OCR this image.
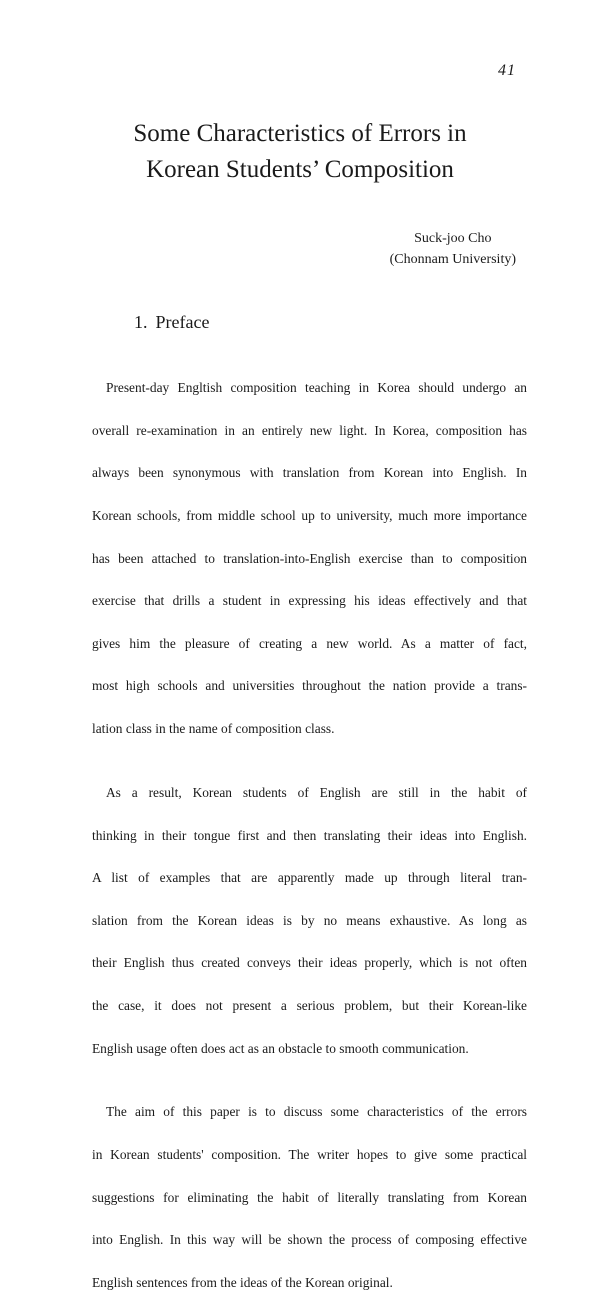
41
Some Characteristics of Errors in
Korean Students’ Composition
Suck-joo Cho
(Chonnam University)
1. Preface

Present-day Engltish composition teaching in Korea should undergo an

overall re-examination in an entirely new light. In Korea, composition has

always been synonymous with translation from Korean into English. In

Korean schools, from middle school up to university, much more importance

has been attached to translation-into-English exercise than to composition

exercise that drills a student in expressing his ideas effectively and that

gives him the pleasure of creating a new world. As a matter of fact,

most high schools and universities throughout the nation provide a trans-

lation class in the name of composition class.

As a result, Korean students of English are still in the habit of

thinking in their tongue first and then translating their ideas into English.

A list of examples that are apparently made up through literal tran-

slation from the Korean ideas is by no means exhaustive. As long as

their English thus created conveys their ideas properly, which is not often

the case, it does not present a serious problem, but their Korean-like

English usage often does act as an obstacle to smooth communication.

The aim of this paper is to discuss some characteristics of the errors

in Korean students' composition. The writer hopes to give some practical

suggestions for eliminating the habit of literally translating from Korean

into English. In this way will be shown the process of composing effective

English sentences from the ideas of the Korean original.
